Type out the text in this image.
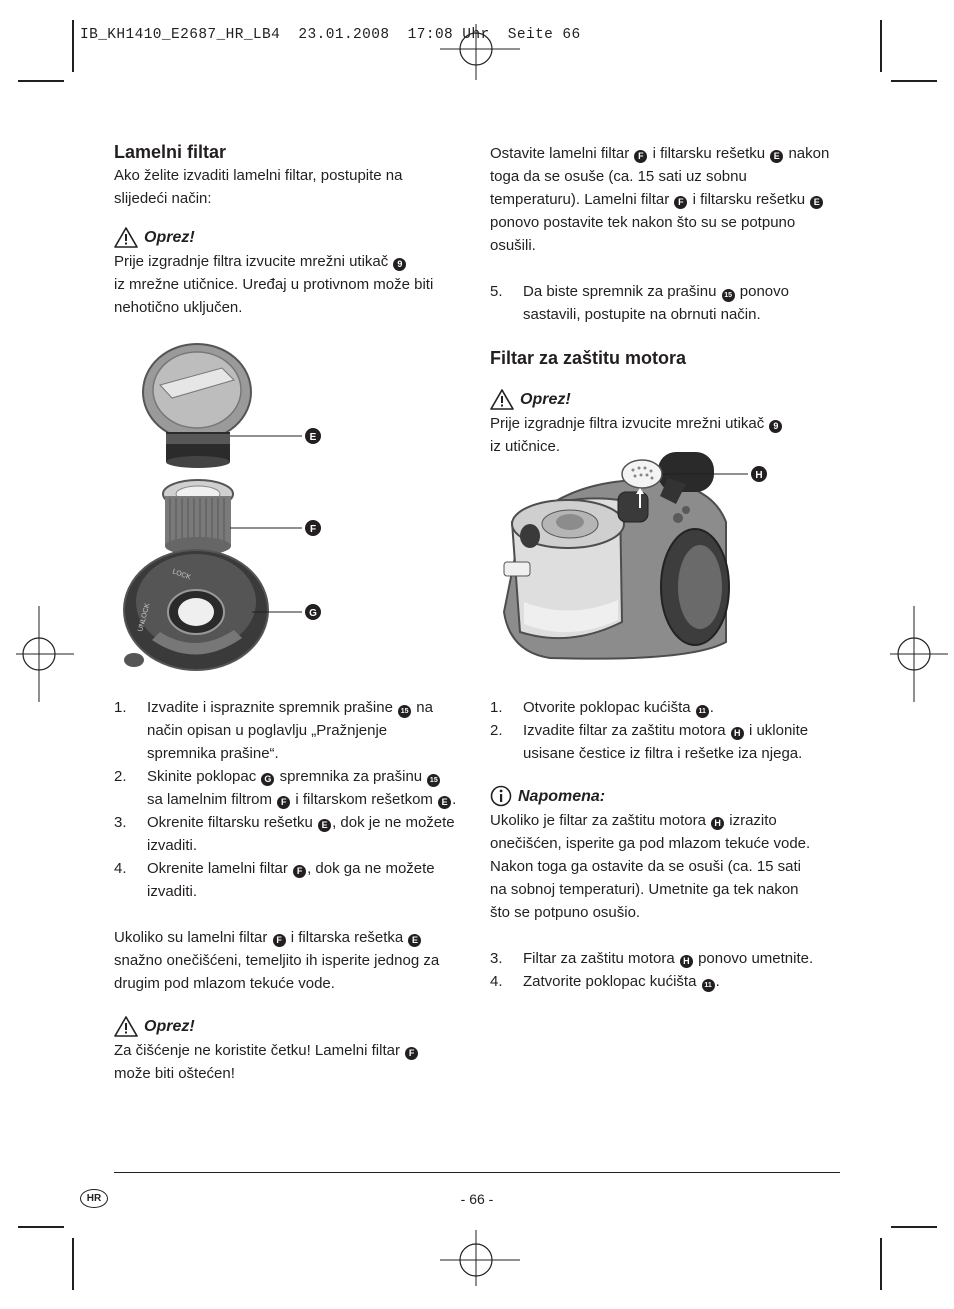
IB_KH1410_E2687_HR_LB4  23.01.2008  17:08 Uhr  Seite 66
Lamelni filtar

Ako želite izvaditi lamelni filtar, postupite na slijedeći način:

Oprez!

Prije izgradnje filtra izvucite mrežni utikač 9
iz mrežne utičnice. Uređaj u protivnom može biti nehotično uključen.

LOCK
UNLOCK
E
F
G
1. Izvadite i ispraznite spremnik prašine 15 na način opisan u poglavlju „Pražnjenje spremnika prašine“.
2. Skinite poklopac G spremnika za prašinu 15 sa lamelnim filtrom F i filtarskom rešetkom E .
3. Okrenite filtarsku rešetku E , dok je ne možete izvaditi.
4. Okrenite lamelni filtar F , dok ga ne možete izvaditi.

Ukoliko su lamelni filtar F i filtarska rešetka E snažno onečišćeni, temeljito ih isperite jednog za drugim pod mlazom tekuće vode.

Oprez!

Za čišćenje ne koristite četku! Lamelni filtar F
može biti oštećen!

Ostavite lamelni filtar F i filtarsku rešetku E nakon toga da se osuše (ca. 15 sati uz sobnu temperaturu). Lamelni filtar F i filtarsku rešetku E ponovo postavite tek nakon što su se potpuno osušili.

5. Da biste spremnik za prašinu 15 ponovo sastavili, postupite na obrnuti način.
Filtar za zaštitu motora
Oprez!

Prije izgradnje filtra izvucite mrežni utikač 9
iz utičnice.

H
1. Otvorite poklopac kućišta 11 .
2. Izvadite filtar za zaštitu motora H i uklonite usisane čestice iz filtra i rešetke iza njega.
Napomena:

Ukoliko je filtar za zaštitu motora H izrazito onečišćen, isperite ga pod mlazom tekuće vode. Nakon toga ga ostavite da se osuši (ca. 15 sati na sobnoj temperaturi). Umetnite ga tek nakon što se potpuno osušio.

3. Filtar za zaštitu motora H ponovo umetnite.
4. Zatvorite poklopac kućišta 11 .
HR	- 66 -
